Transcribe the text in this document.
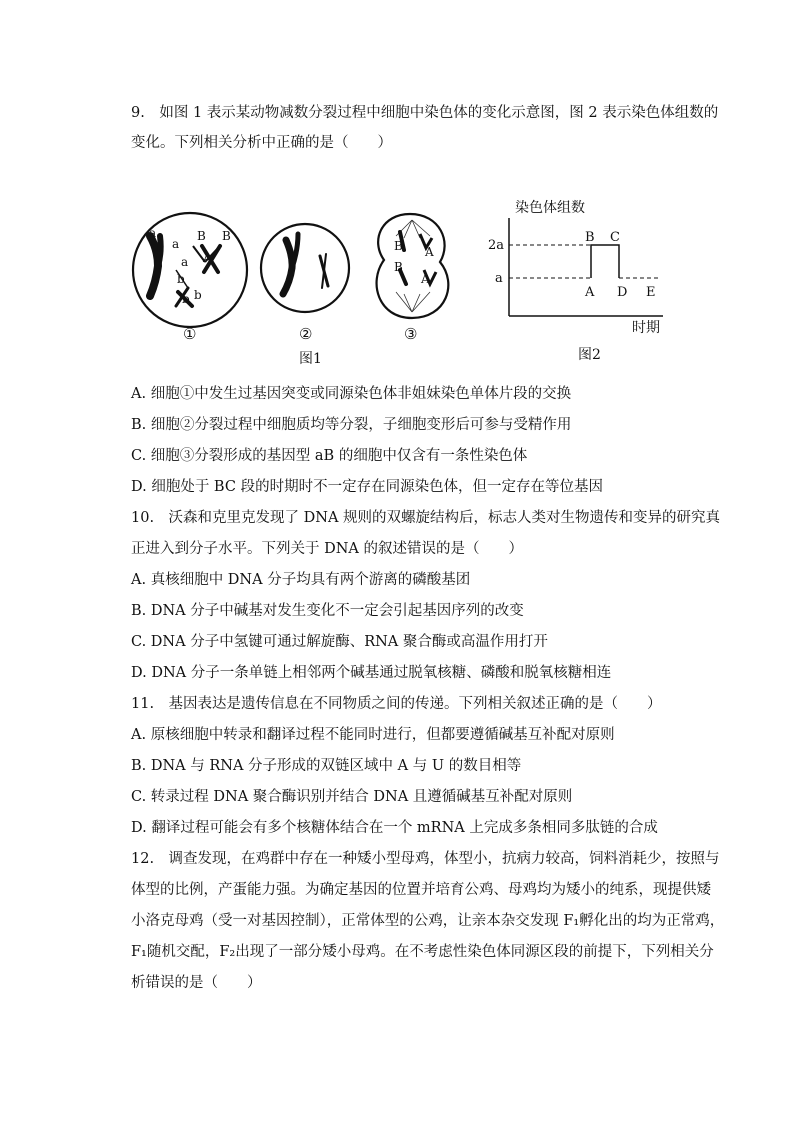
9.　如图 1 表示某动物减数分裂过程中细胞中染色体的变化示意图，图 2 表示染色体组数的
变化。下列相关分析中正确的是（　　）
a
a
B B
a A
b
b b
①	②
B A
B
A
③
图1
染色体组数
时期
2a
a
B C
A D E
图2
A. 细胞①中发生过基因突变或同源染色体非姐妹染色单体片段的交换
B. 细胞②分裂过程中细胞质均等分裂，子细胞变形后可参与受精作用
C. 细胞③分裂形成的基因型 aB 的细胞中仅含有一条性染色体
D. 细胞处于 BC 段的时期时不一定存在同源染色体，但一定存在等位基因
10.　沃森和克里克发现了 DNA 规则的双螺旋结构后，标志人类对生物遗传和变异的研究真
正进入到分子水平。下列关于 DNA 的叙述错误的是（　　）
A. 真核细胞中 DNA 分子均具有两个游离的磷酸基团
B. DNA 分子中碱基对发生变化不一定会引起基因序列的改变
C. DNA 分子中氢键可通过解旋酶、RNA 聚合酶或高温作用打开
D. DNA 分子一条单链上相邻两个碱基通过脱氧核糖、磷酸和脱氧核糖相连
11.　基因表达是遗传信息在不同物质之间的传递。下列相关叙述正确的是（　　）
A. 原核细胞中转录和翻译过程不能同时进行，但都要遵循碱基互补配对原则
B. DNA 与 RNA 分子形成的双链区域中 A 与 U 的数目相等
C. 转录过程 DNA 聚合酶识别并结合 DNA 且遵循碱基互补配对原则
D. 翻译过程可能会有多个核糖体结合在一个 mRNA 上完成多条相同多肽链的合成
12.　调查发现，在鸡群中存在一种矮小型母鸡，体型小，抗病力较高，饲料消耗少，按照与
体型的比例，产蛋能力强。为确定基因的位置并培育公鸡、母鸡均为矮小的纯系，现提供矮
小洛克母鸡（受一对基因控制），正常体型的公鸡，让亲本杂交发现 F₁孵化出的均为正常鸡，
F₁随机交配，F₂出现了一部分矮小母鸡。在不考虑性染色体同源区段的前提下，下列相关分
析错误的是（　　）
